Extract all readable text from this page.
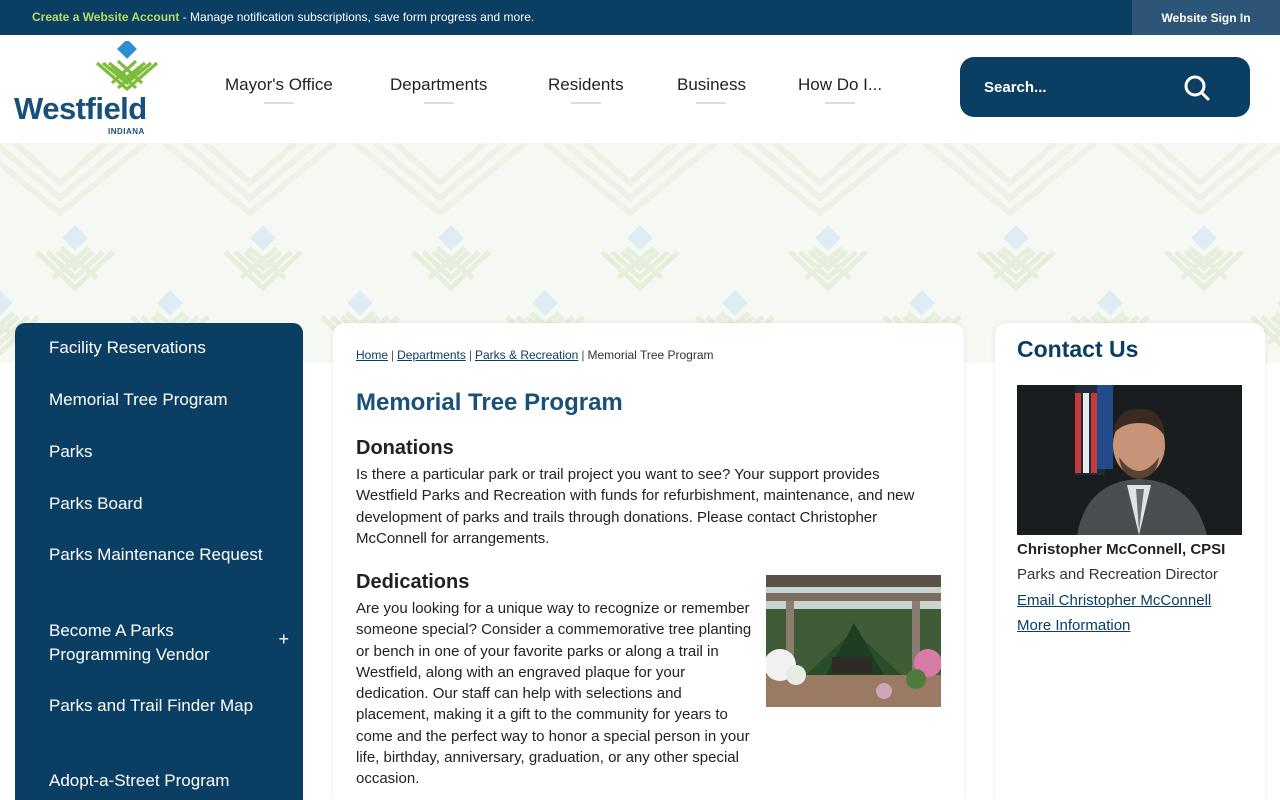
Create a Website Account - Manage notification subscriptions, save form progress and more.	Website Sign In
Westfield
INDIANA
Mayor's Office	Departments	Residents	Business	How Do I...
Search...
Facility Reservations
Memorial Tree Program
Parks
Parks Board
Parks Maintenance Request
Become A Parks Programming Vendor
+
Parks and Trail Finder Map
Adopt-a-Street Program
Home | Departments | Parks & Recreation | Memorial Tree Program
Memorial Tree Program
Donations
Is there a particular park or trail project you want to see? Your support provides Westfield Parks and Recreation with funds for refurbishment, maintenance, and new development of parks and trails through donations. Please contact Christopher McConnell for arrangements.
Dedications
Are you looking for a unique way to recognize or remember someone special? Consider a commemorative tree planting or bench in one of your favorite parks or along a trail in Westfield, along with an engraved plaque for your dedication. Our staff can help with selections and placement, making it a gift to the community for years to come and the perfect way to honor a special person in your life, birthday, anniversary, graduation, or any other special occasion.
Contact Us
Christopher McConnell, CPSI
Parks and Recreation Director
Email Christopher McConnell
More Information
